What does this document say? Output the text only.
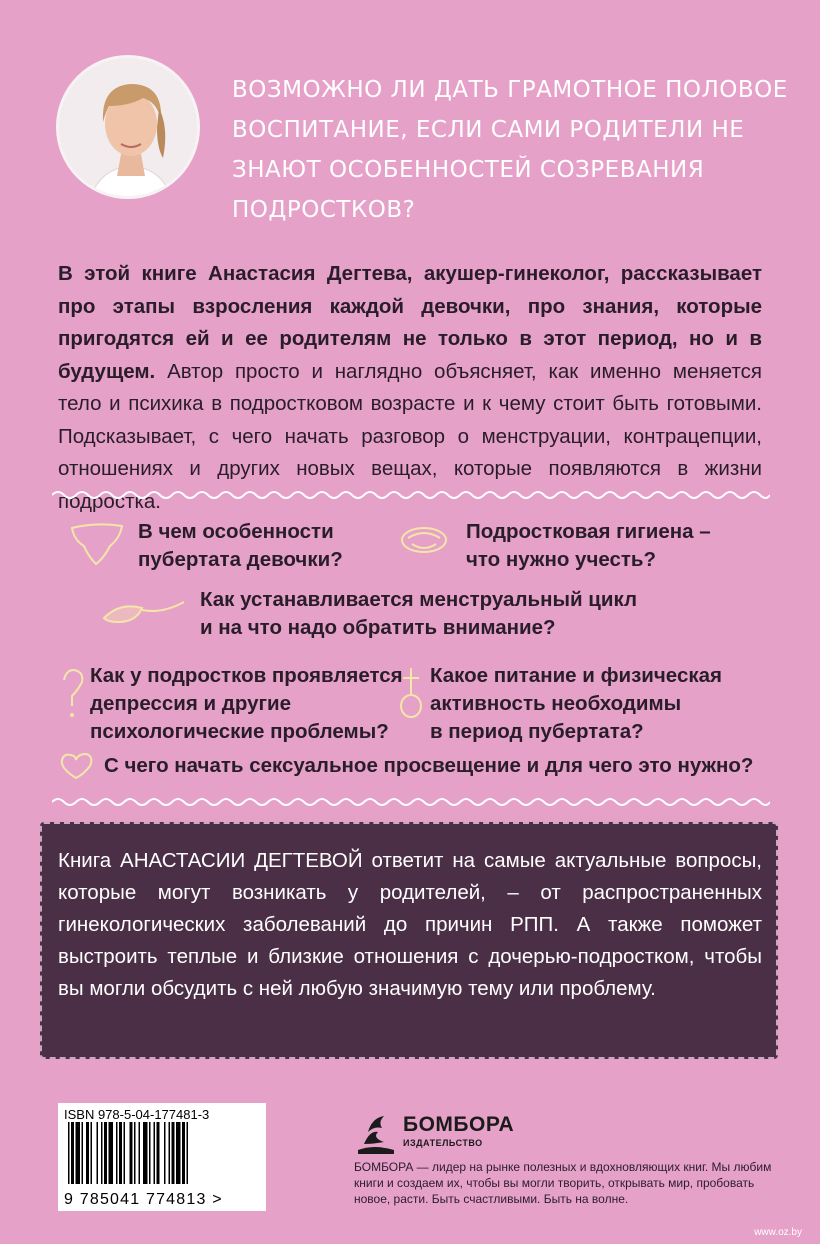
ВОЗМОЖНО ЛИ ДАТЬ ГРАМОТНОЕ ПОЛОВОЕ ВОСПИТАНИЕ, ЕСЛИ САМИ РОДИТЕЛИ НЕ ЗНАЮТ ОСОБЕННОСТЕЙ СОЗРЕВАНИЯ ПОДРОСТКОВ?
В этой книге Анастасия Дегтева, акушер-гинеколог, рассказывает про этапы взросления каждой девочки, про знания, которые пригодятся ей и ее родителям не только в этот период, но и в будущем. Автор просто и наглядно объясняет, как именно меняется тело и психика в подростковом возрасте и к чему стоит быть готовыми. Подсказывает, с чего начать разговор о менструации, контрацепции, отношениях и других новых вещах, которые появляются в жизни подростка.
В чем особенности
пубертата девочки?
Подростковая гигиена –
что нужно учесть?
Как устанавливается менструальный цикл
и на что надо обратить внимание?
Как у подростков проявляется
депрессия и другие
психологические проблемы?
Какое питание и физическая
активность необходимы
в период пубертата?
С чего начать сексуальное просвещение и для чего это нужно?
Книга АНАСТАСИИ ДЕГТЕВОЙ ответит на самые актуальные вопросы, которые могут возникать у родителей, – от распространенных гинекологических заболеваний до причин РПП. А также поможет выстроить теплые и близкие отношения с дочерью-подростком, чтобы вы могли обсудить с ней любую значимую тему или проблему.
ISBN 978-5-04-177481-3
9 785041 774813 >
БОМБОРА
ИЗДАТЕЛЬСТВО
БОМБОРА — лидер на рынке полезных и вдохновляющих книг. Мы любим книги и создаем их, чтобы вы могли творить, открывать мир, пробовать новое, расти. Быть счастливыми. Быть на волне.
www.oz.by
